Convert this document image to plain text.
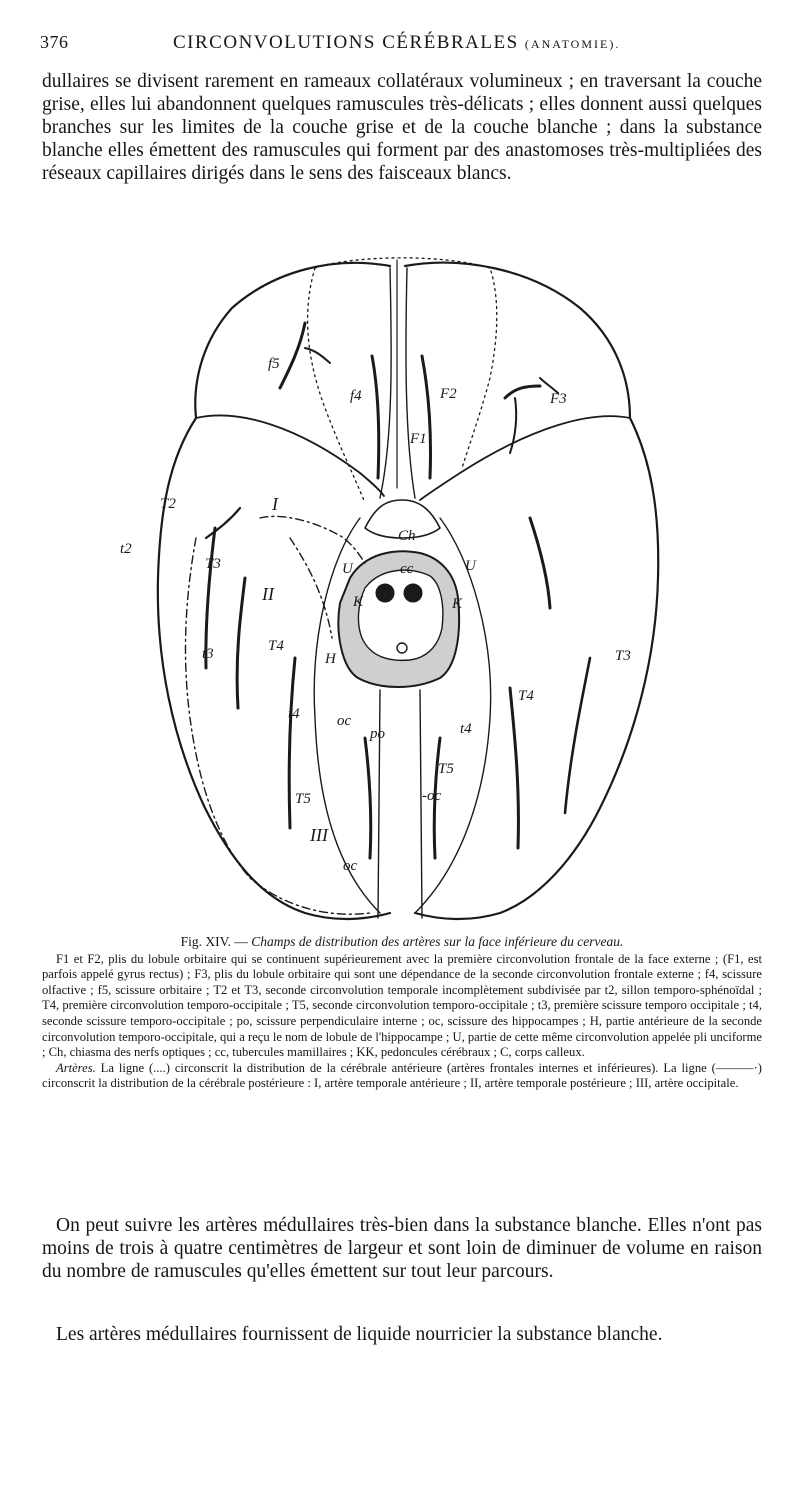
376	CIRCONVOLUTIONS CÉRÉBRALES (ANATOMIE).

dullaires se divisent rarement en rameaux collatéraux volumineux ; en traversant la couche grise, elles lui abandonnent quelques ramuscules très-délicats ; elles donnent aussi quelques branches sur les limites de la couche grise et de la couche blanche ; dans la substance blanche elles émettent des ramuscules qui forment par des anastomoses très-multipliées des réseaux capillaires dirigés dans le sens des faisceaux blancs.

f5
f4	F2	F3
F1
T2	I
Ch
t2
T3	U	cc	U
II	K	K
t3	T4
H	T3
T4
t4 oc
po	t4
T5
-oc
T5
III
oc
Fig. XIV. — Champs de distribution des artères sur la face inférieure du cerveau.

F1 et F2, plis du lobule orbitaire qui se continuent supérieurement avec la première circonvolution frontale de la face externe ; (F1, est parfois appelé gyrus rectus) ; F3, plis du lobule orbitaire qui sont une dépendance de la seconde circonvolution frontale externe ; f4, scissure olfactive ; f5, scissure orbitaire ; T2 et T3, seconde circonvolution temporale incomplètement subdivisée par t2, sillon temporo-sphénoïdal ; T4, première circonvolution temporo-occipitale ; T5, seconde circonvolution temporo-occipitale ; t3, première scissure temporo occipitale ; t4, seconde scissure temporo-occipitale ; po, scissure perpendiculaire interne ; oc, scissure des hippocampes ; H, partie antérieure de la seconde circonvolution temporo-occipitale, qui a reçu le nom de lobule de l'hippocampe ; U, partie de cette même circonvolution appelée pli unciforme ; Ch, chiasma des nerfs optiques ; cc, tubercules mamillaires ; KK, pedoncules cérébraux ; C, corps calleux.

Artères. La ligne (....) circonscrit la distribution de la cérébrale antérieure (artères frontales internes et inférieures). La ligne (———·) circonscrit la distribution de la cérébrale postérieure : I, artère temporale antérieure ; II, artère temporale postérieure ; III, artère occipitale.

On peut suivre les artères médullaires très-bien dans la substance blanche. Elles n'ont pas moins de trois à quatre centimètres de largeur et sont loin de diminuer de volume en raison du nombre de ramuscules qu'elles émettent sur tout leur parcours.

Les artères médullaires fournissent de liquide nourricier la substance blanche.
